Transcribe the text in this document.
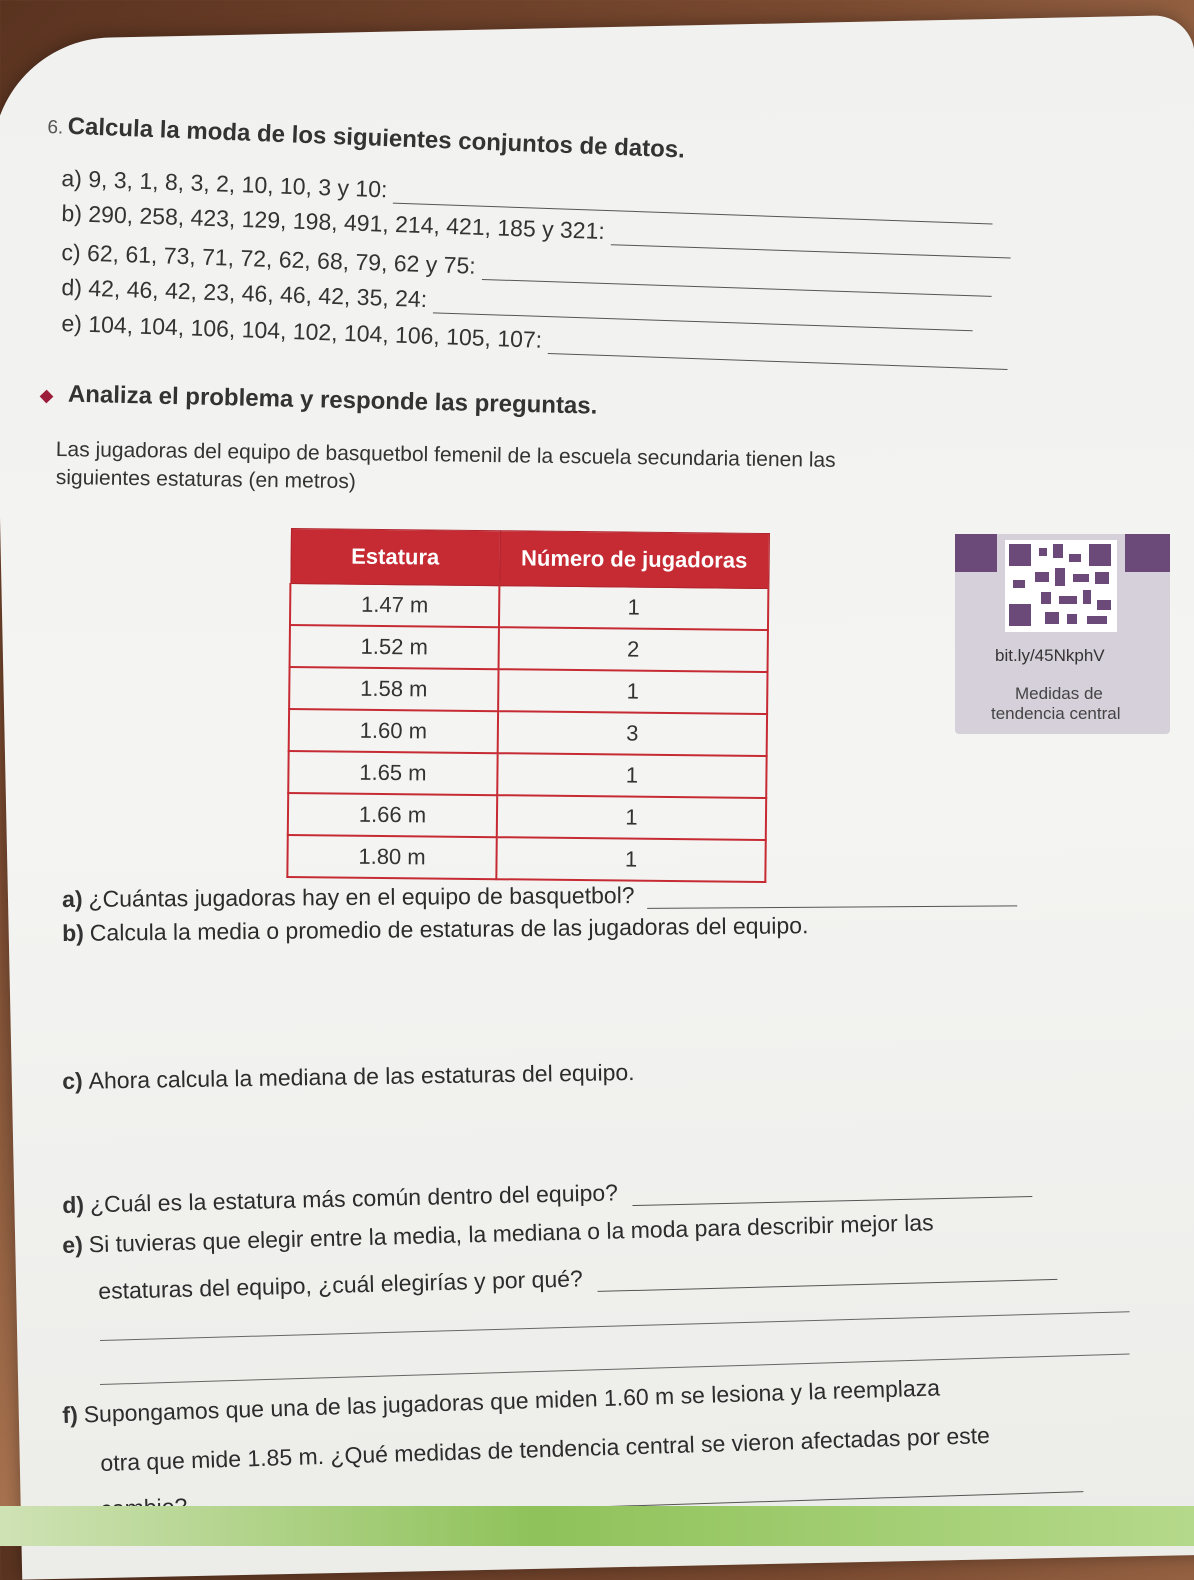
6. Calcula la moda de los siguientes conjuntos de datos.
a) 9, 3, 1, 8, 3, 2, 10, 10, 3 y 10:
b) 290, 258, 423, 129, 198, 491, 214, 421, 185 y 321:
c) 62, 61, 73, 71, 72, 62, 68, 79, 62 y 75:
d) 42, 46, 42, 23, 46, 46, 42, 35, 24:
e) 104, 104, 106, 104, 102, 104, 106, 105, 107:
◆ Analiza el problema y responde las preguntas.
Las jugadoras del equipo de basquetbol femenil de la escuela secundaria tienen las
siguientes estaturas (en metros)
Estatura	Número de jugadoras
1.47 m	1
1.52 m	2
1.58 m	1
1.60 m	3
1.65 m	1
1.66 m	1
1.80 m	1
bit.ly/45NkphV
Medidas de
tendencia central
a) ¿Cuántas jugadoras hay en el equipo de basquetbol?
b) Calcula la media o promedio de estaturas de las jugadoras del equipo.
c) Ahora calcula la mediana de las estaturas del equipo.
d) ¿Cuál es la estatura más común dentro del equipo?
e) Si tuvieras que elegir entre la media, la mediana o la moda para describir mejor las
estaturas del equipo, ¿cuál elegirías y por qué?
f) Supongamos que una de las jugadoras que miden 1.60 m se lesiona y la reemplaza
otra que mide 1.85 m. ¿Qué medidas de tendencia central se vieron afectadas por este
